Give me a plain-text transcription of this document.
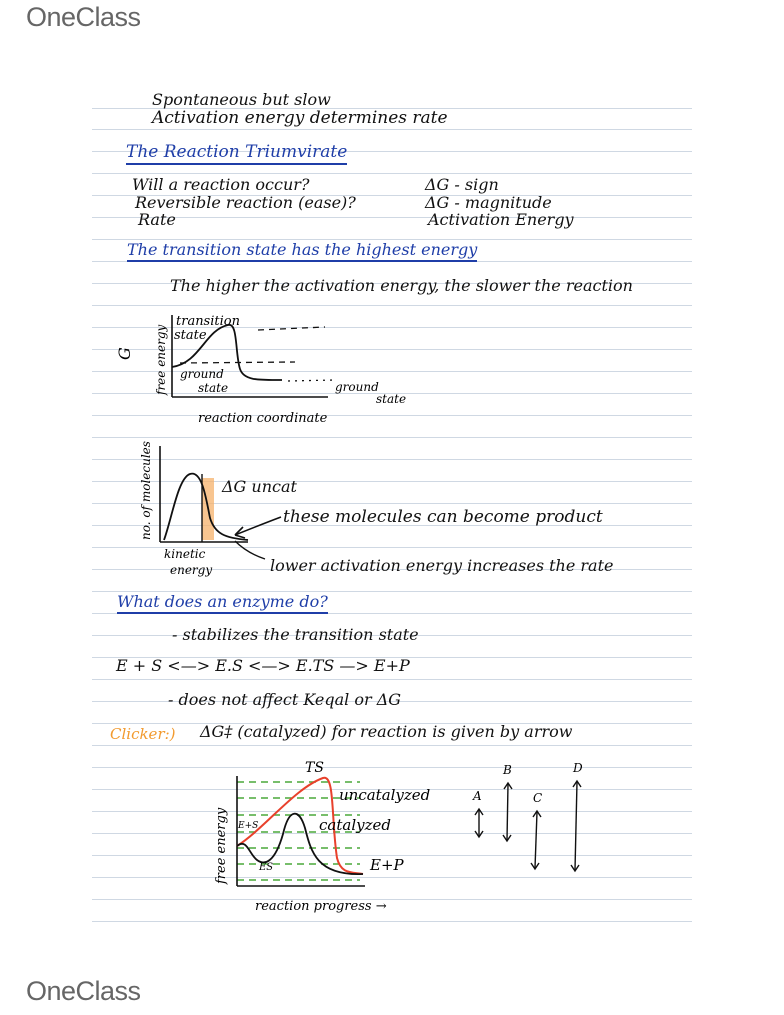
OneClass
OneClass
Spontaneous but slow
Activation energy determines rate
The Reaction Triumvirate
Will a reaction occur?	ΔG - sign
Reversible reaction (ease)?	ΔG - magnitude
Rate	Activation Energy
The transition state has the highest energy
The higher the activation energy, the slower the reaction
transition
state
ground
state	ground
state
reaction coordinate
free energy
G
kinetic
energy
no. of molecules	ΔG uncat
these molecules can become product
lower activation energy increases the rate
What does an enzyme do?
- stabilizes the transition state
E + S <—> E.S <—> E.TS —> E+P
- does not affect Keqal or ΔG
Clicker:) ΔG‡ (catalyzed) for reaction is given by arrow
TS
uncatalyzed
catalyzed
E+S
ES	E+P
reaction progress →
free energy
A
B
C
D
